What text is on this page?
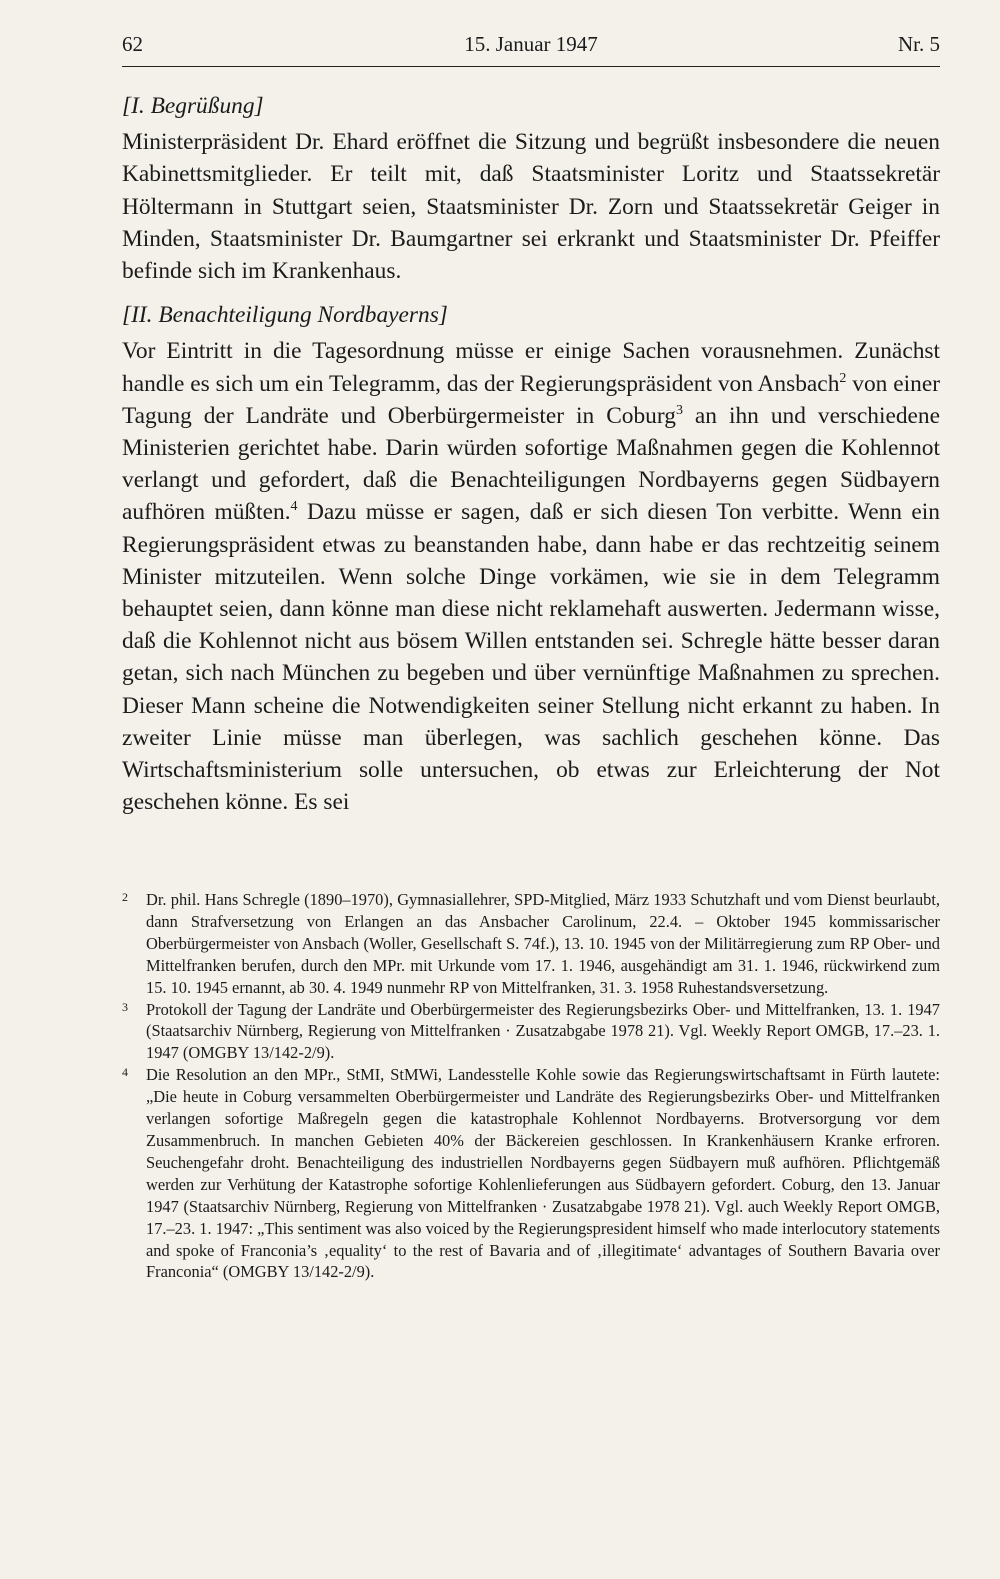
62	15. Januar 1947	Nr. 5
[I. Begrüßung]

Ministerpräsident Dr. Ehard eröffnet die Sitzung und begrüßt insbesondere die neuen Kabinettsmitglieder. Er teilt mit, daß Staatsminister Loritz und Staatssekretär Höltermann in Stuttgart seien, Staatsminister Dr. Zorn und Staatssekretär Geiger in Minden, Staatsminister Dr. Baumgartner sei erkrankt und Staatsminister Dr. Pfeiffer befinde sich im Krankenhaus.

[II. Benachteiligung Nordbayerns]

Vor Eintritt in die Tagesordnung müsse er einige Sachen vorausnehmen. Zunächst handle es sich um ein Telegramm, das der Regierungspräsident von Ansbach$^2$ von einer Tagung der Landräte und Oberbürgermeister in Coburg$^3$ an ihn und verschiedene Ministerien gerichtet habe. Darin würden sofortige Maßnahmen gegen die Kohlennot verlangt und gefordert, daß die Benachteiligungen Nordbayerns gegen Südbayern aufhören müßten.$^4$ Dazu müsse er sagen, daß er sich diesen Ton verbitte. Wenn ein Regierungspräsident etwas zu beanstanden habe, dann habe er das rechtzeitig seinem Minister mitzuteilen. Wenn solche Dinge vorkämen, wie sie in dem Telegramm behauptet seien, dann könne man diese nicht reklamehaft auswerten. Jedermann wisse, daß die Kohlennot nicht aus bösem Willen entstanden sei. Schregle hätte besser daran getan, sich nach München zu begeben und über vernünftige Maßnahmen zu sprechen. Dieser Mann scheine die Notwendigkeiten seiner Stellung nicht erkannt zu haben. In zweiter Linie müsse man überlegen, was sachlich geschehen könne. Das Wirtschaftsministerium solle untersuchen, ob etwas zur Erleichterung der Not geschehen könne. Es sei

2 Dr. phil. Hans Schregle (1890–1970), Gymnasiallehrer, SPD-Mitglied, März 1933 Schutzhaft und vom Dienst beurlaubt, dann Strafversetzung von Erlangen an das Ansbacher Carolinum, 22.4. – Oktober 1945 kommissarischer Oberbürgermeister von Ansbach (Woller, Gesellschaft S. 74f.), 13. 10. 1945 von der Militärregierung zum RP Ober- und Mittelfranken berufen, durch den MPr. mit Urkunde vom 17. 1. 1946, ausgehändigt am 31. 1. 1946, rückwirkend zum 15. 10. 1945 ernannt, ab 30. 4. 1949 nunmehr RP von Mittelfranken, 31. 3. 1958 Ruhestandsversetzung.
3 Protokoll der Tagung der Landräte und Oberbürgermeister des Regierungsbezirks Ober- und Mittelfranken, 13. 1. 1947 (Staatsarchiv Nürnberg, Regierung von Mittelfranken · Zusatzabgabe 1978 21). Vgl. Weekly Report OMGB, 17.–23. 1. 1947 (OMGBY 13/142-2/9).
4 Die Resolution an den MPr., StMI, StMWi, Landesstelle Kohle sowie das Regierungswirtschaftsamt in Fürth lautete: „Die heute in Coburg versammelten Oberbürgermeister und Landräte des Regierungsbezirks Ober- und Mittelfranken verlangen sofortige Maßregeln gegen die katastrophale Kohlennot Nordbayerns. Brotversorgung vor dem Zusammenbruch. In manchen Gebieten 40% der Bäckereien geschlossen. In Krankenhäusern Kranke erfroren. Seuchengefahr droht. Benachteiligung des industriellen Nordbayerns gegen Südbayern muß aufhören. Pflichtgemäß werden zur Verhütung der Katastrophe sofortige Kohlenlieferungen aus Südbayern gefordert. Coburg, den 13. Januar 1947 (Staatsarchiv Nürnberg, Regierung von Mittelfranken · Zusatzabgabe 1978 21). Vgl. auch Weekly Report OMGB, 17.–23. 1. 1947: „This sentiment was also voiced by the Regierungspresident himself who made interlocutory statements and spoke of Franconia’s ‚equality‘ to the rest of Bavaria and of ‚illegitimate‘ advantages of Southern Bavaria over Franconia“ (OMGBY 13/142-2/9).
